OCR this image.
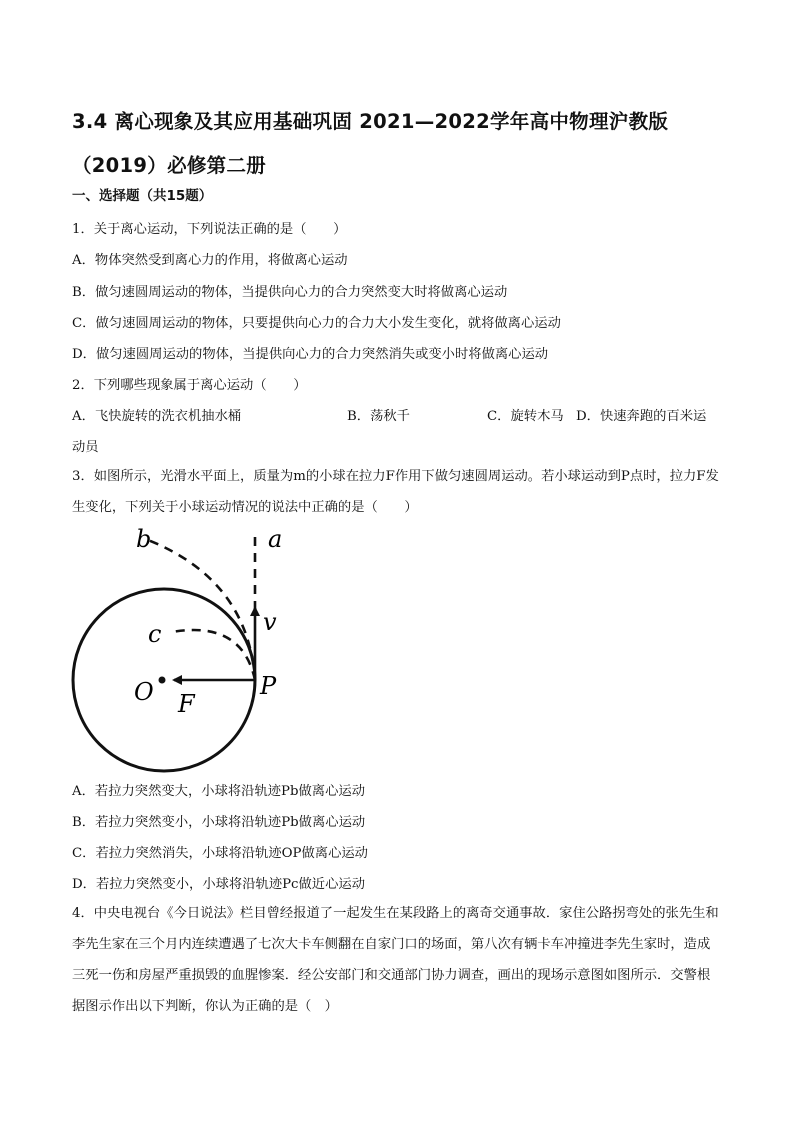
3.4 离心现象及其应用基础巩固 2021—2022学年高中物理沪教版（2019）必修第二册
一、选择题（共15题）
1．关于离心运动，下列说法正确的是（　　）
A．物体突然受到离心力的作用，将做离心运动
B．做匀速圆周运动的物体，当提供向心力的合力突然变大时将做离心运动
C．做匀速圆周运动的物体，只要提供向心力的合力大小发生变化，就将做离心运动
D．做匀速圆周运动的物体，当提供向心力的合力突然消失或变小时将做离心运动
2．下列哪些现象属于离心运动（　　）
A．飞快旋转的洗衣机抽水桶	B．荡秋千	C．旋转木马 D．快速奔跑的百米运
动员
3．如图所示，光滑水平面上，质量为m的小球在拉力F作用下做匀速圆周运动。若小球运动到P点时，拉力F发生变化，下列关于小球运动情况的说法中正确的是（　　）
a
b
c	v
O	P
F
A．若拉力突然变大，小球将沿轨迹Pb做离心运动
B．若拉力突然变小，小球将沿轨迹Pb做离心运动
C．若拉力突然消失，小球将沿轨迹OP做离心运动
D．若拉力突然变小，小球将沿轨迹Pc做近心运动
4．中央电视台《今日说法》栏目曾经报道了一起发生在某段路上的离奇交通事故．家住公路拐弯处的张先生和李先生家在三个月内连续遭遇了七次大卡车侧翻在自家门口的场面，第八次有辆卡车冲撞进李先生家时，造成三死一伤和房屋严重损毁的血腥惨案．经公安部门和交通部门协力调查，画出的现场示意图如图所示．交警根据图示作出以下判断，你认为正确的是（　）
